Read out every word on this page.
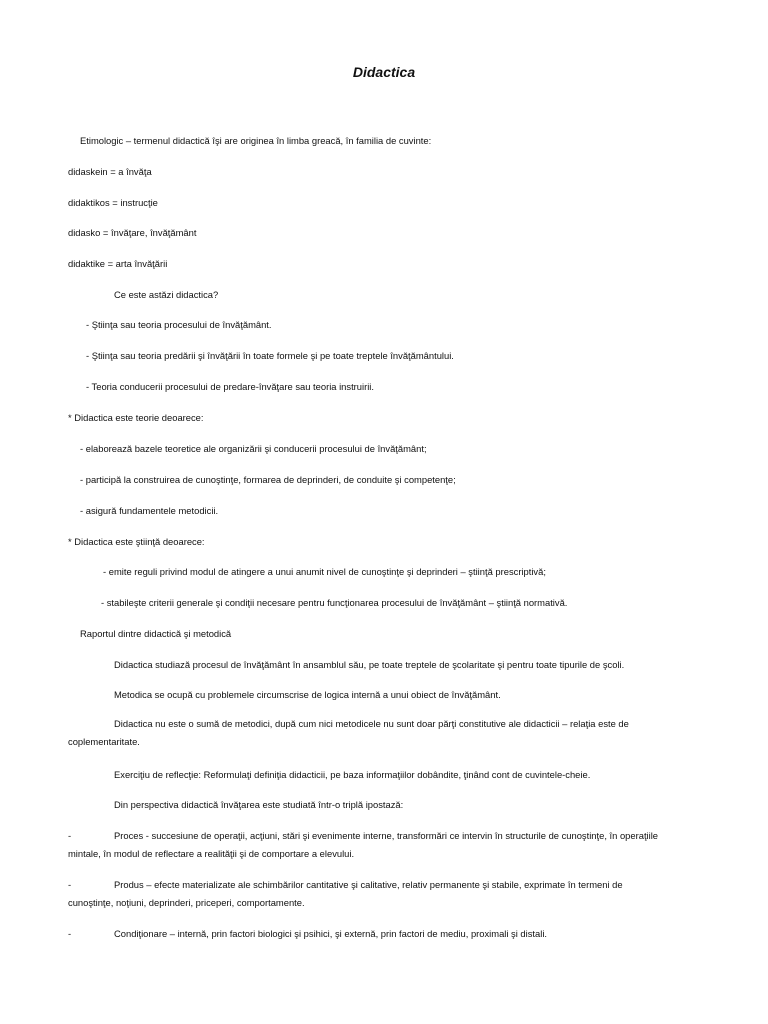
Didactica
Etimologic – termenul didactică îşi are originea în limba greacă, în familia de cuvinte:
didaskein = a învăţa
didaktikos = instrucţie
didasko = învăţare, învăţământ
didaktike = arta învăţării
Ce este astăzi didactica?
- Ştiinţa sau teoria procesului de învăţământ.
- Ştiinţa sau teoria predării şi învăţării în toate formele şi pe toate treptele învăţământului.
- Teoria conducerii procesului de predare-învăţare sau teoria instruirii.
* Didactica este teorie deoarece:
- elaborează bazele teoretice ale organizării şi conducerii procesului de învăţământ;
- participă la construirea de cunoştinţe, formarea de deprinderi, de conduite şi competenţe;
- asigură fundamentele metodicii.
* Didactica este ştiinţă deoarece:
- emite reguli privind modul de atingere a unui anumit nivel de cunoştinţe şi deprinderi – ştiinţă prescriptivă;
- stabileşte criterii generale şi condiţii necesare pentru funcţionarea procesului de învăţământ – ştiinţă normativă.
Raportul dintre didactică şi metodică
Didactica studiază procesul de învăţământ în ansamblul său, pe toate treptele de şcolaritate şi pentru toate tipurile de şcoli.
Metodica se ocupă cu problemele circumscrise de logica internă a unui obiect de învăţământ.
Didactica nu este o sumă de metodici, după cum nici metodicele nu sunt doar părţi constitutive ale didacticii – relaţia este de
coplementaritate.
Exerciţiu de reflecţie: Reformulaţi definiţia didacticii, pe baza informaţiilor dobândite, ţinând cont de cuvintele-cheie.
Din perspectiva didactică învăţarea este studiată într-o triplă ipostază:
-	Proces - succesiune de operaţii, acţiuni, stări şi evenimente interne, transformări ce intervin în structurile de cunoştinţe, în operaţiile
mintale, în modul de reflectare a realităţii şi de comportare a elevului.
-	Produs – efecte materializate ale schimbărilor cantitative şi calitative, relativ permanente şi stabile, exprimate în termeni de
cunoştinţe, noţiuni, deprinderi, priceperi, comportamente.
-	Condiţionare – internă, prin factori biologici şi psihici, şi externă, prin factori de mediu, proximali şi distali.
